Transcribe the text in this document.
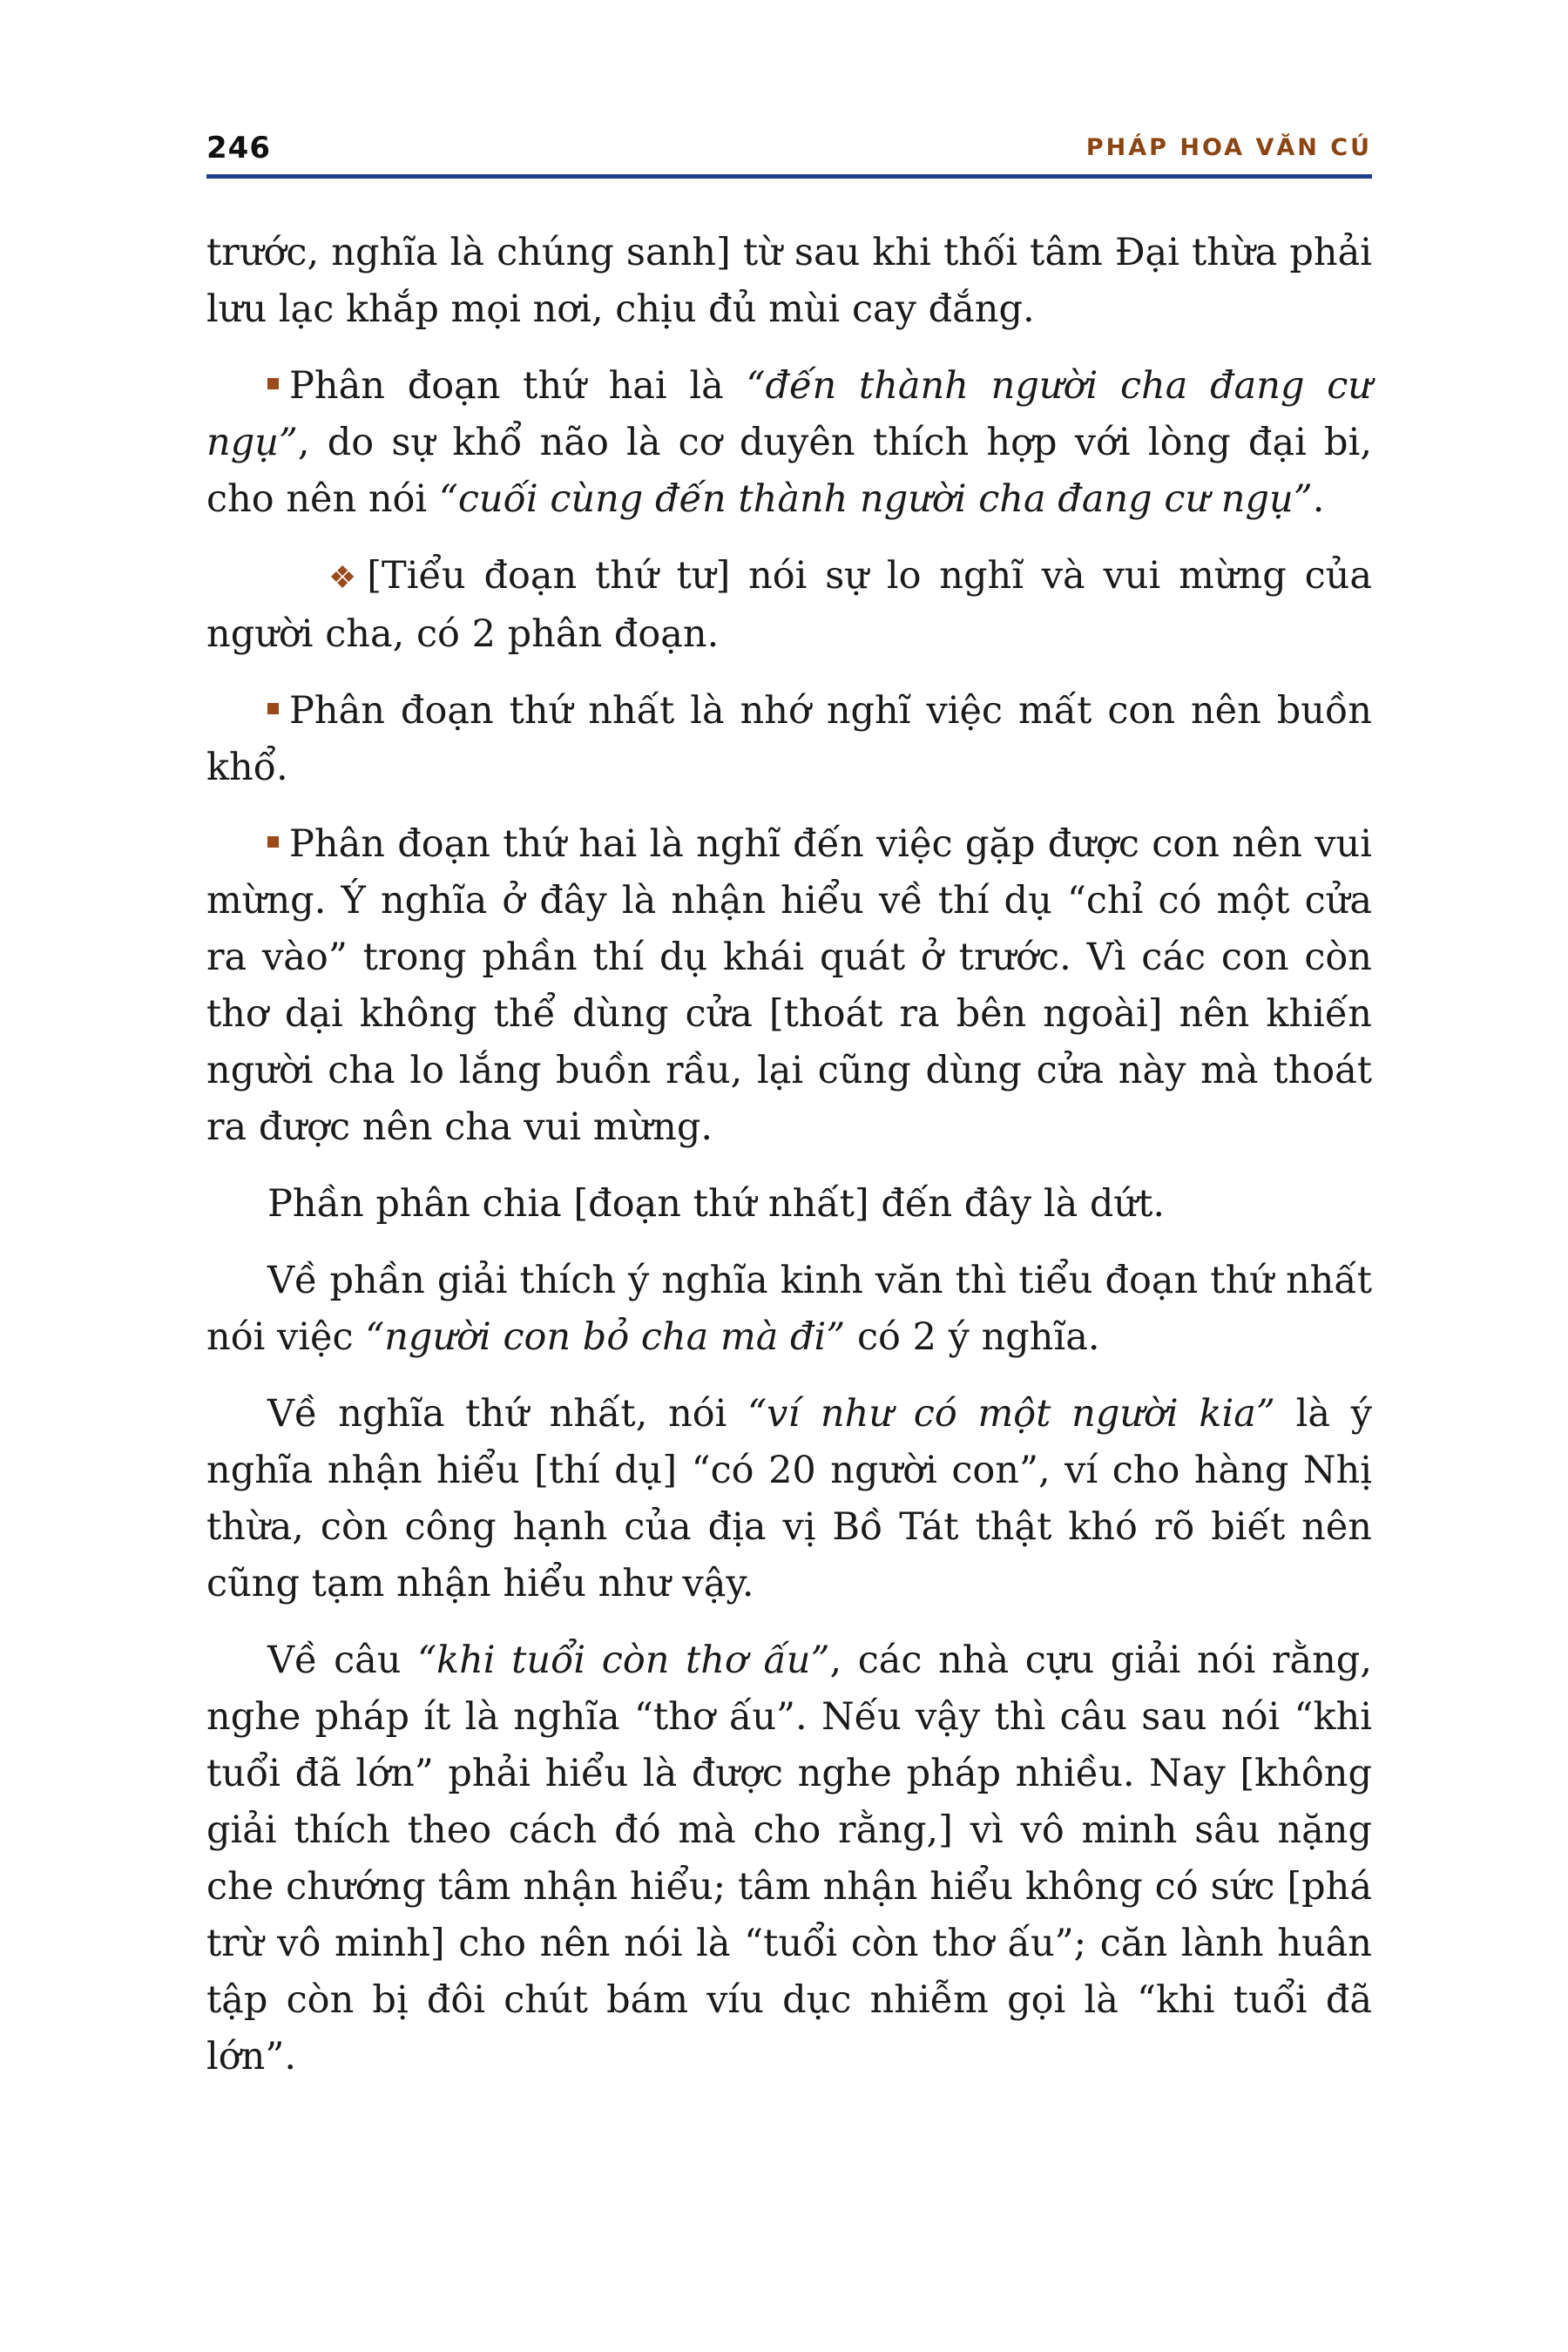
246	PHÁP HOA VĂN CÚ

trước, nghĩa là chúng sanh] từ sau khi thối tâm Đại thừa phải lưu lạc khắp mọi nơi, chịu đủ mùi cay đắng.

Phân đoạn thứ hai là “đến thành người cha đang cư ngụ”, do sự khổ não là cơ duyên thích hợp với lòng đại bi, cho nên nói “cuối cùng đến thành người cha đang cư ngụ”.

❖ [Tiểu đoạn thứ tư] nói sự lo nghĩ và vui mừng của người cha, có 2 phân đoạn.

Phân đoạn thứ nhất là nhớ nghĩ việc mất con nên buồn khổ.

Phân đoạn thứ hai là nghĩ đến việc gặp được con nên vui mừng. Ý nghĩa ở đây là nhận hiểu về thí dụ “chỉ có một cửa ra vào” trong phần thí dụ khái quát ở trước. Vì các con còn thơ dại không thể dùng cửa [thoát ra bên ngoài] nên khiến người cha lo lắng buồn rầu, lại cũng dùng cửa này mà thoát ra được nên cha vui mừng.

Phần phân chia [đoạn thứ nhất] đến đây là dứt.

Về phần giải thích ý nghĩa kinh văn thì tiểu đoạn thứ nhất nói việc “người con bỏ cha mà đi” có 2 ý nghĩa.

Về nghĩa thứ nhất, nói “ví như có một người kia” là ý nghĩa nhận hiểu [thí dụ] “có 20 người con”, ví cho hàng Nhị thừa, còn công hạnh của địa vị Bồ Tát thật khó rõ biết nên cũng tạm nhận hiểu như vậy.

Về câu “khi tuổi còn thơ ấu”, các nhà cựu giải nói rằng, nghe pháp ít là nghĩa “thơ ấu”. Nếu vậy thì câu sau nói “khi tuổi đã lớn” phải hiểu là được nghe pháp nhiều. Nay [không giải thích theo cách đó mà cho rằng,] vì vô minh sâu nặng che chướng tâm nhận hiểu; tâm nhận hiểu không có sức [phá trừ vô minh] cho nên nói là “tuổi còn thơ ấu”; căn lành huân tập còn bị đôi chút bám víu dục nhiễm gọi là “khi tuổi đã lớn”.
